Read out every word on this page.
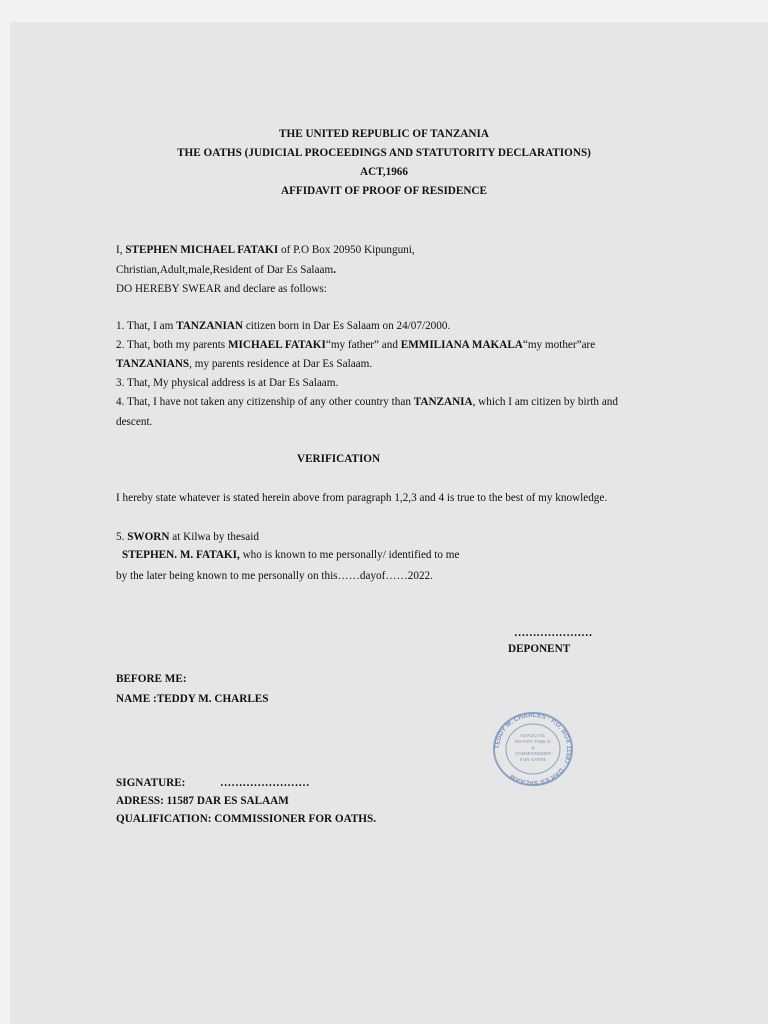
THE UNITED REPUBLIC OF TANZANIA
THE OATHS (JUDICIAL PROCEEDINGS AND STATUTORITY DECLARATIONS)
ACT,1966
AFFIDAVIT OF PROOF OF RESIDENCE
I, STEPHEN MICHAEL FATAKI of P.O Box 20950 Kipunguni,
Christian,Adult,male,Resident of Dar Es Salaam.
DO HEREBY SWEAR and declare as follows:
1. That, I am TANZANIAN citizen born in Dar Es Salaam on 24/07/2000.
2. That, both my parents MICHAEL FATAKI“my father” and EMMILIANA MAKALA“my mother”are
TANZANIANS, my parents residence at Dar Es Salaam.
3. That, My physical address is at Dar Es Salaam.
4. That, I have not taken any citizenship of any other country than TANZANIA, which I am citizen by birth and
descent.
VERIFICATION
I hereby state whatever is stated herein above from paragraph 1,2,3 and 4 is true to the best of my knowledge.
5. SWORN at Kilwa by thesaid
STEPHEN. M. FATAKI, who is known to me personally/ identified to me
by the later being known to me personally on this……dayof……2022.
…………………
DEPONENT
BEFORE ME:
NAME :TEDDY M. CHARLES
TEDDY M. CHARLES · P.O. BOX 11587 · DAR ES SALAAM
ADVOCATE,
NOTARY PUBLIC
&
COMMISSIONER
FOR OATHS
SIGNATURE:	……………………
ADRESS: 11587 DAR ES SALAAM
QUALIFICATION: COMMISSIONER FOR OATHS.
